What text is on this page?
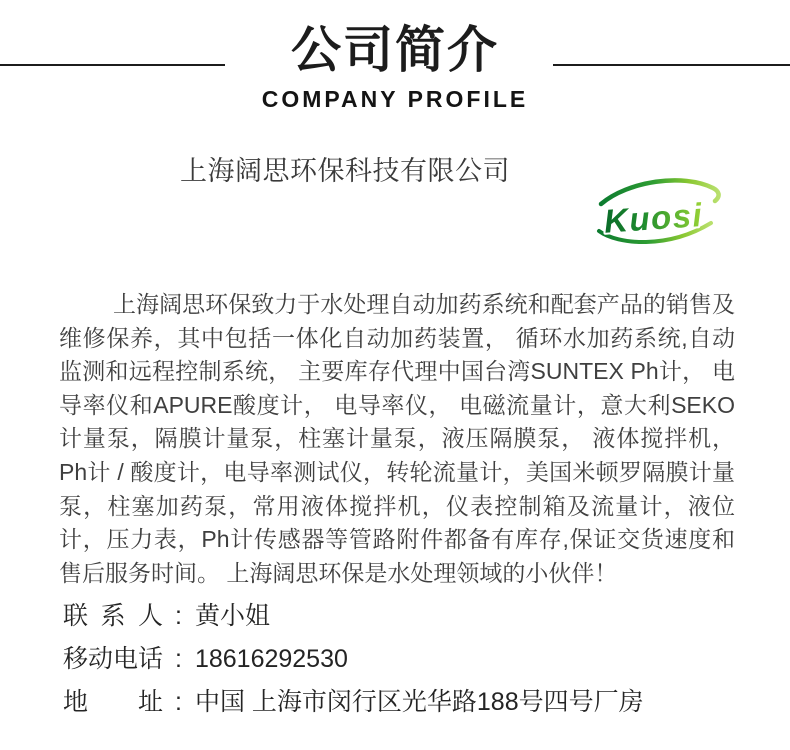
公司简介
COMPANY PROFILE
上海阔思环保科技有限公司
Kuosi

上海阔思环保致力于水处理自动加药系统和配套产品的销售及维修保养，其中包括一体化自动加药装置， 循环水加药系统,自动监测和远程控制系统， 主要库存代理中国台湾SUNTEX Ph计， 电导率仪和APURE酸度计， 电导率仪， 电磁流量计，意大利SEKO计量泵，隔膜计量泵，柱塞计量泵，液压隔膜泵， 液体搅拌机， Ph计 / 酸度计，电导率测试仪，转轮流量计，美国米顿罗隔膜计量泵，柱塞加药泵，常用液体搅拌机，仪表控制箱及流量计，液位计，压力表，Ph计传感器等管路附件都备有库存,保证交货速度和售后服务时间。 上海阔思环保是水处理领域的小伙伴！

联 系 人 : 黄小姐
移动电话 : 18616292530
地 址 : 中国 上海市闵行区光华路188号四号厂房
